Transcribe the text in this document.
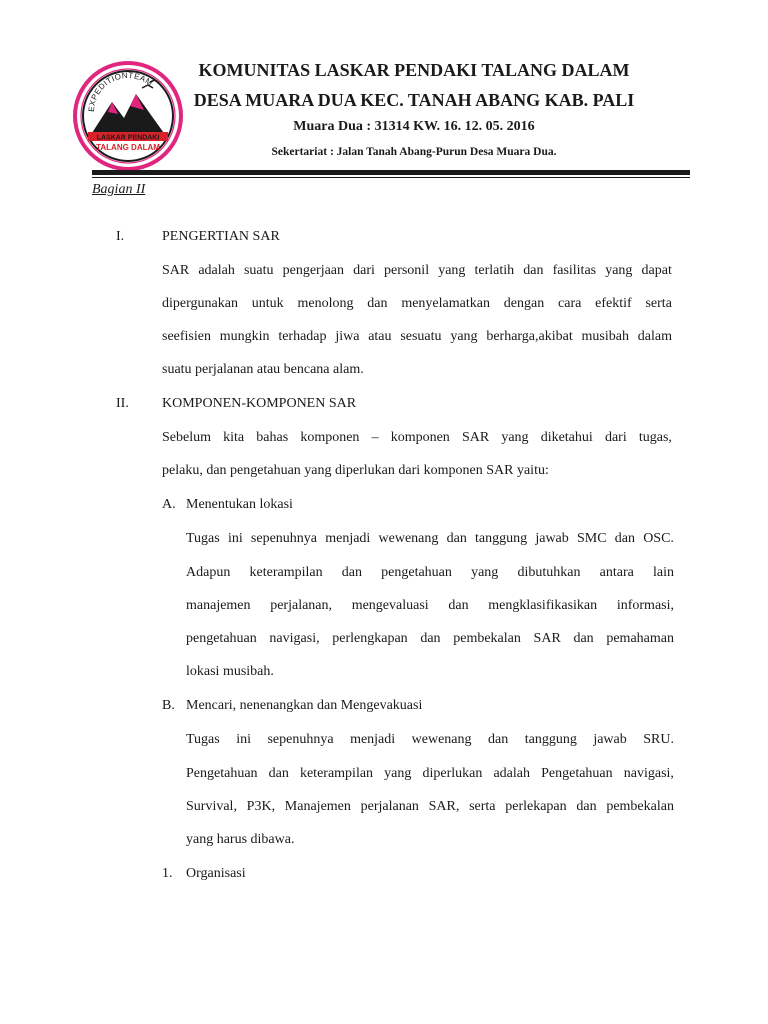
EXPEDITIONTEAM
LASKAR PENDAKI
TALANG DALAM
KOMUNITAS LASKAR PENDAKI TALANG DALAM
DESA MUARA DUA KEC. TANAH ABANG KAB. PALI
Muara Dua : 31314 KW. 16. 12. 05. 2016
Sekertariat : Jalan Tanah Abang-Purun Desa Muara Dua.
Bagian II
I.	PENGERTIAN SAR
SAR adalah suatu pengerjaan dari personil yang terlatih dan fasilitas yang dapat
dipergunakan untuk menolong dan menyelamatkan dengan cara efektif serta
seefisien mungkin terhadap jiwa atau sesuatu yang berharga,akibat musibah dalam
suatu perjalanan atau bencana alam.
II. KOMPONEN-KOMPONEN SAR
Sebelum kita bahas komponen – komponen SAR yang diketahui dari tugas,
pelaku, dan pengetahuan yang diperlukan dari komponen SAR yaitu:
A. Menentukan lokasi
Tugas ini sepenuhnya menjadi wewenang dan tanggung jawab SMC dan OSC.
Adapun keterampilan dan pengetahuan yang dibutuhkan antara lain
manajemen perjalanan, mengevaluasi dan mengklasifikasikan informasi,
pengetahuan navigasi, perlengkapan dan pembekalan SAR dan pemahaman
lokasi musibah.
B. Mencari, nenenangkan dan Mengevakuasi
Tugas ini sepenuhnya menjadi wewenang dan tanggung jawab SRU.
Pengetahuan dan keterampilan yang diperlukan adalah Pengetahuan navigasi,
Survival, P3K, Manajemen perjalanan SAR, serta perlekapan dan pembekalan
yang harus dibawa.
1. Organisasi
